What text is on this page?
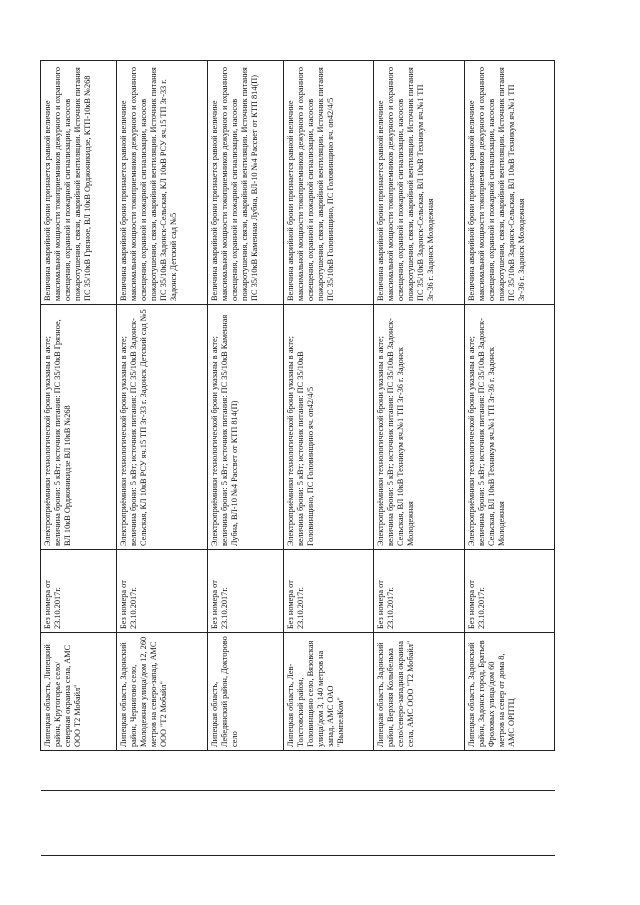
		Липецкая область, Липецкий район, Крутогорье село/северная окраина села, АМС ООО Т2 Мобайл"	Без номера от 23.10.2017г.	Электроприёмники технологической брони указаны в акте; величина брони: 5 кВт; источник питания: ПС 35/10кВ Грязное, ВЛ 10кВ Орджоникидзе ВЛ 10кВ №268	Величина аварийной брони признается равной величине максимальной мощности токоприемников дежурного и охранного освещения, охранной и пожарной сигнализации, насосов пожаротушения, связи, аварийной вентиляции. Источник питания ПС 35/10кВ Грязное, ВЛ 10кВ Орджоникидзе, КТП-10кВ №268
		Липецкая область, Задонский район, Чернигово село, Молодежная улица/дом 12, 260 метров на северо-запад, АМС ООО "Т2 Мобайл"	Без номера от 23.10.2017г.	Электроприёмники технологической брони указаны в акте; величина брони: 5 кВт; источник питания: ПС 35/10кВ Задонск-Сельская, КЛ 10кВ РСУ яч.15 ТП 3г-33 г. Задонск Детский сад №5	Величина аварийной брони признается равной величине максимальной мощности токоприемников дежурного и охранного освещения, охранной и пожарной сигнализации, насосов пожаротушения, связи, аварийной вентиляции. Источник питания ПС 35/10кВ Задонск-Сельская, КЛ 10кВ РСУ яч.15 ТП 3г-33 г. Задонск Детский сад №5
		Липецкая область, Лебедянский район, Докторово село	Без номера от 23.10.2017г.	Электроприёмники технологической брони указаны в акте; величина брони: 5 кВт; источник питания: ПС 35/10кВ Каменная Лубна, ВЛ-10 №4 Рассвет от КТП 814(П)	Величина аварийной брони признается равной величине максимальной мощности токоприемников дежурного и охранного освещения, охранной и пожарной сигнализации, насосов пожаротушения, связи, аварийной вентиляции. Источник питания ПС 35/10кВ Каменная Лубна, ВЛ-10 №4 Рассвет от КТП 814(П)
		Липецкая область, Лев-Толстовский район, Головинщино село, Вязовская улица/дом 3, 140 метров на запад, АМС ОАО "ВымпелКом"	Без номера от 23.10.2017г.	Электроприёмники технологической брони указаны в акте; величина брони: 5 кВт; источник питания: ПС 35/10кВ Головинщино, ПС Головинщино яч. оп42/4/5	Величина аварийной брони признается равной величине максимальной мощности токоприемников дежурного и охранного освещения, охранной и пожарной сигнализации, насосов пожаротушения, связи, аварийной вентиляции. Источник питания ПС 35/10кВ Головинщино, ПС Головинщино яч. оп42/4/5
		Липецкая область, Задонский район, Верхняя Колыбелька село/северо-западная окраина села, АМС ООО "Т2 Мобайл"	Без номера от 23.10.2017г.	Электроприёмники технологической брони указаны в акте; величина брони: 5 кВт; источник питания: ПС 35/10кВ Задонск-Сельская, ВЛ 10кВ Техникум яч.№1 ТП 3г-36 г. Задонск Молодежная	Величина аварийной брони признается равной величине максимальной мощности токоприемников дежурного и охранного освещения, охранной и пожарной сигнализации, насосов пожаротушения, связи, аварийной вентиляции. Источник питания ПС 35/10кВ Задонск-Сельская, ВЛ 10кВ Техникум яч.№1 ТП 3г-36 г. Задонск Молодежная
		Липецкая область, Задонский район, Задонск город, Братьев Фроловых улица/дом 60 метров на север от дома 8, АМС ОРПТЦ	Без номера от 23.10.2017г.	Электроприёмники технологической брони указаны в акте; величина брони: 5 кВт; источник питания: ПС 35/10кВ Задонск-Сельская, ВЛ 10кВ Техникум яч.№1 ТП 3г-36 г. Задонск Молодежная	Величина аварийной брони признается равной величине максимальной мощности токоприемников дежурного и охранного освещения, охранной и пожарной сигнализации, насосов пожаротушения, связи, аварийной вентиляции. Источник питания ПС 35/10кВ Задонск-Сельская, ВЛ 10кВ Техникум яч.№1 ТП 3г-36 г. Задонск Молодежная
